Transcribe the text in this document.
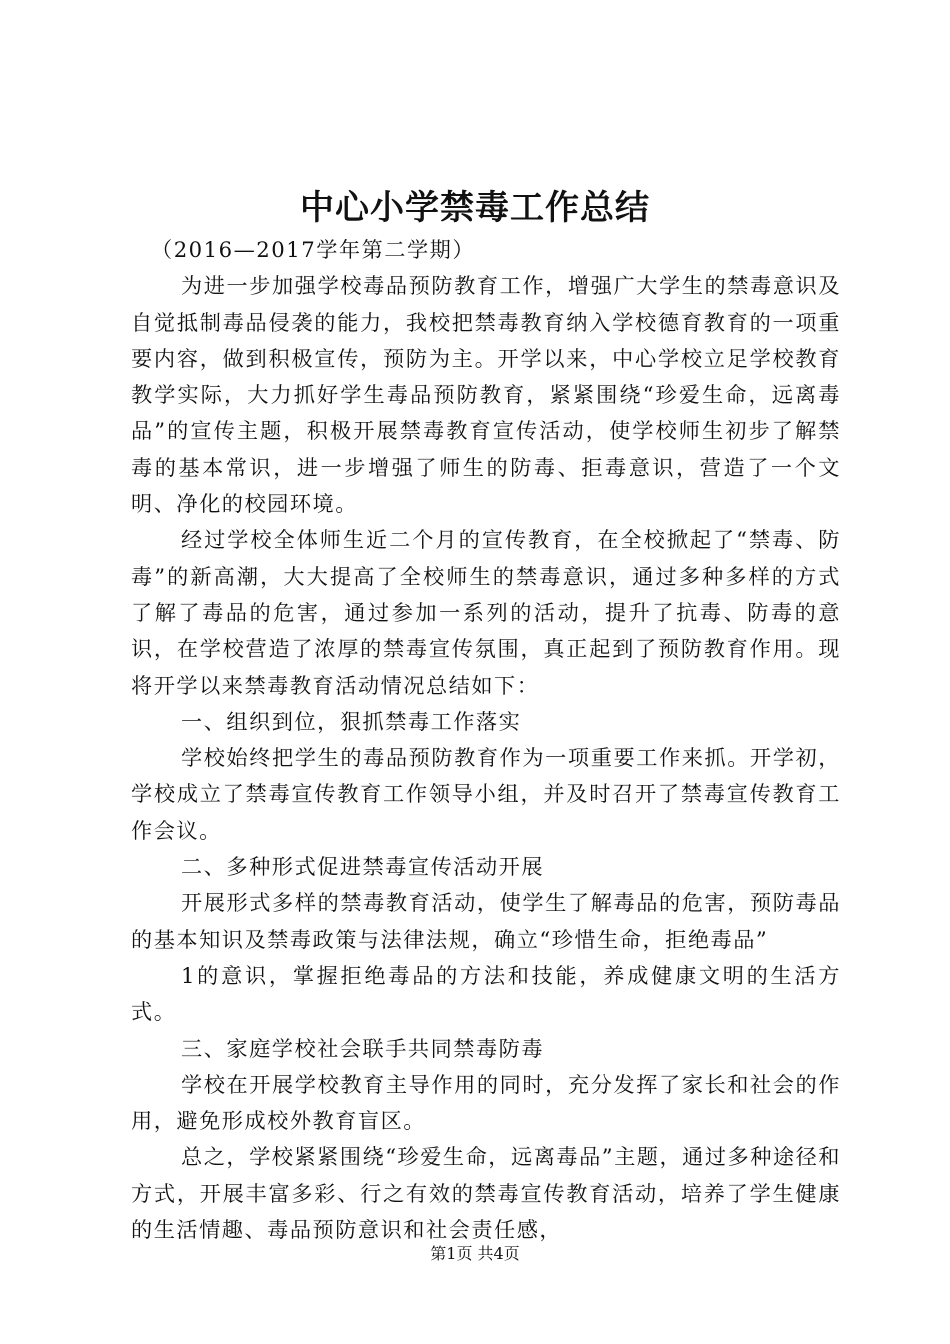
中心小学禁毒工作总结

（2016—2017学年第二学期）

为进一步加强学校毒品预防教育工作，增强广大学生的禁毒意识及自觉抵制毒品侵袭的能力，我校把禁毒教育纳入学校德育教育的一项重要内容，做到积极宣传，预防为主。开学以来，中心学校立足学校教育教学实际，大力抓好学生毒品预防教育，紧紧围绕“珍爱生命，远离毒品”的宣传主题，积极开展禁毒教育宣传活动，使学校师生初步了解禁毒的基本常识，进一步增强了师生的防毒、拒毒意识，营造了一个文明、净化的校园环境。

经过学校全体师生近二个月的宣传教育，在全校掀起了“禁毒、防毒”的新高潮，大大提高了全校师生的禁毒意识，通过多种多样的方式了解了毒品的危害，通过参加一系列的活动，提升了抗毒、防毒的意识，在学校营造了浓厚的禁毒宣传氛围，真正起到了预防教育作用。现将开学以来禁毒教育活动情况总结如下：

一、组织到位，狠抓禁毒工作落实

学校始终把学生的毒品预防教育作为一项重要工作来抓。开学初，学校成立了禁毒宣传教育工作领导小组，并及时召开了禁毒宣传教育工作会议。

二、多种形式促进禁毒宣传活动开展

开展形式多样的禁毒教育活动，使学生了解毒品的危害，预防毒品的基本知识及禁毒政策与法律法规，确立“珍惜生命，拒绝毒品”

1的意识，掌握拒绝毒品的方法和技能，养成健康文明的生活方式。

三、家庭学校社会联手共同禁毒防毒

学校在开展学校教育主导作用的同时，充分发挥了家长和社会的作用，避免形成校外教育盲区。

总之，学校紧紧围绕“珍爱生命，远离毒品”主题，通过多种途径和方式，开展丰富多彩、行之有效的禁毒宣传教育活动，培养了学生健康的生活情趣、毒品预防意识和社会责任感，

第1页 共4页
